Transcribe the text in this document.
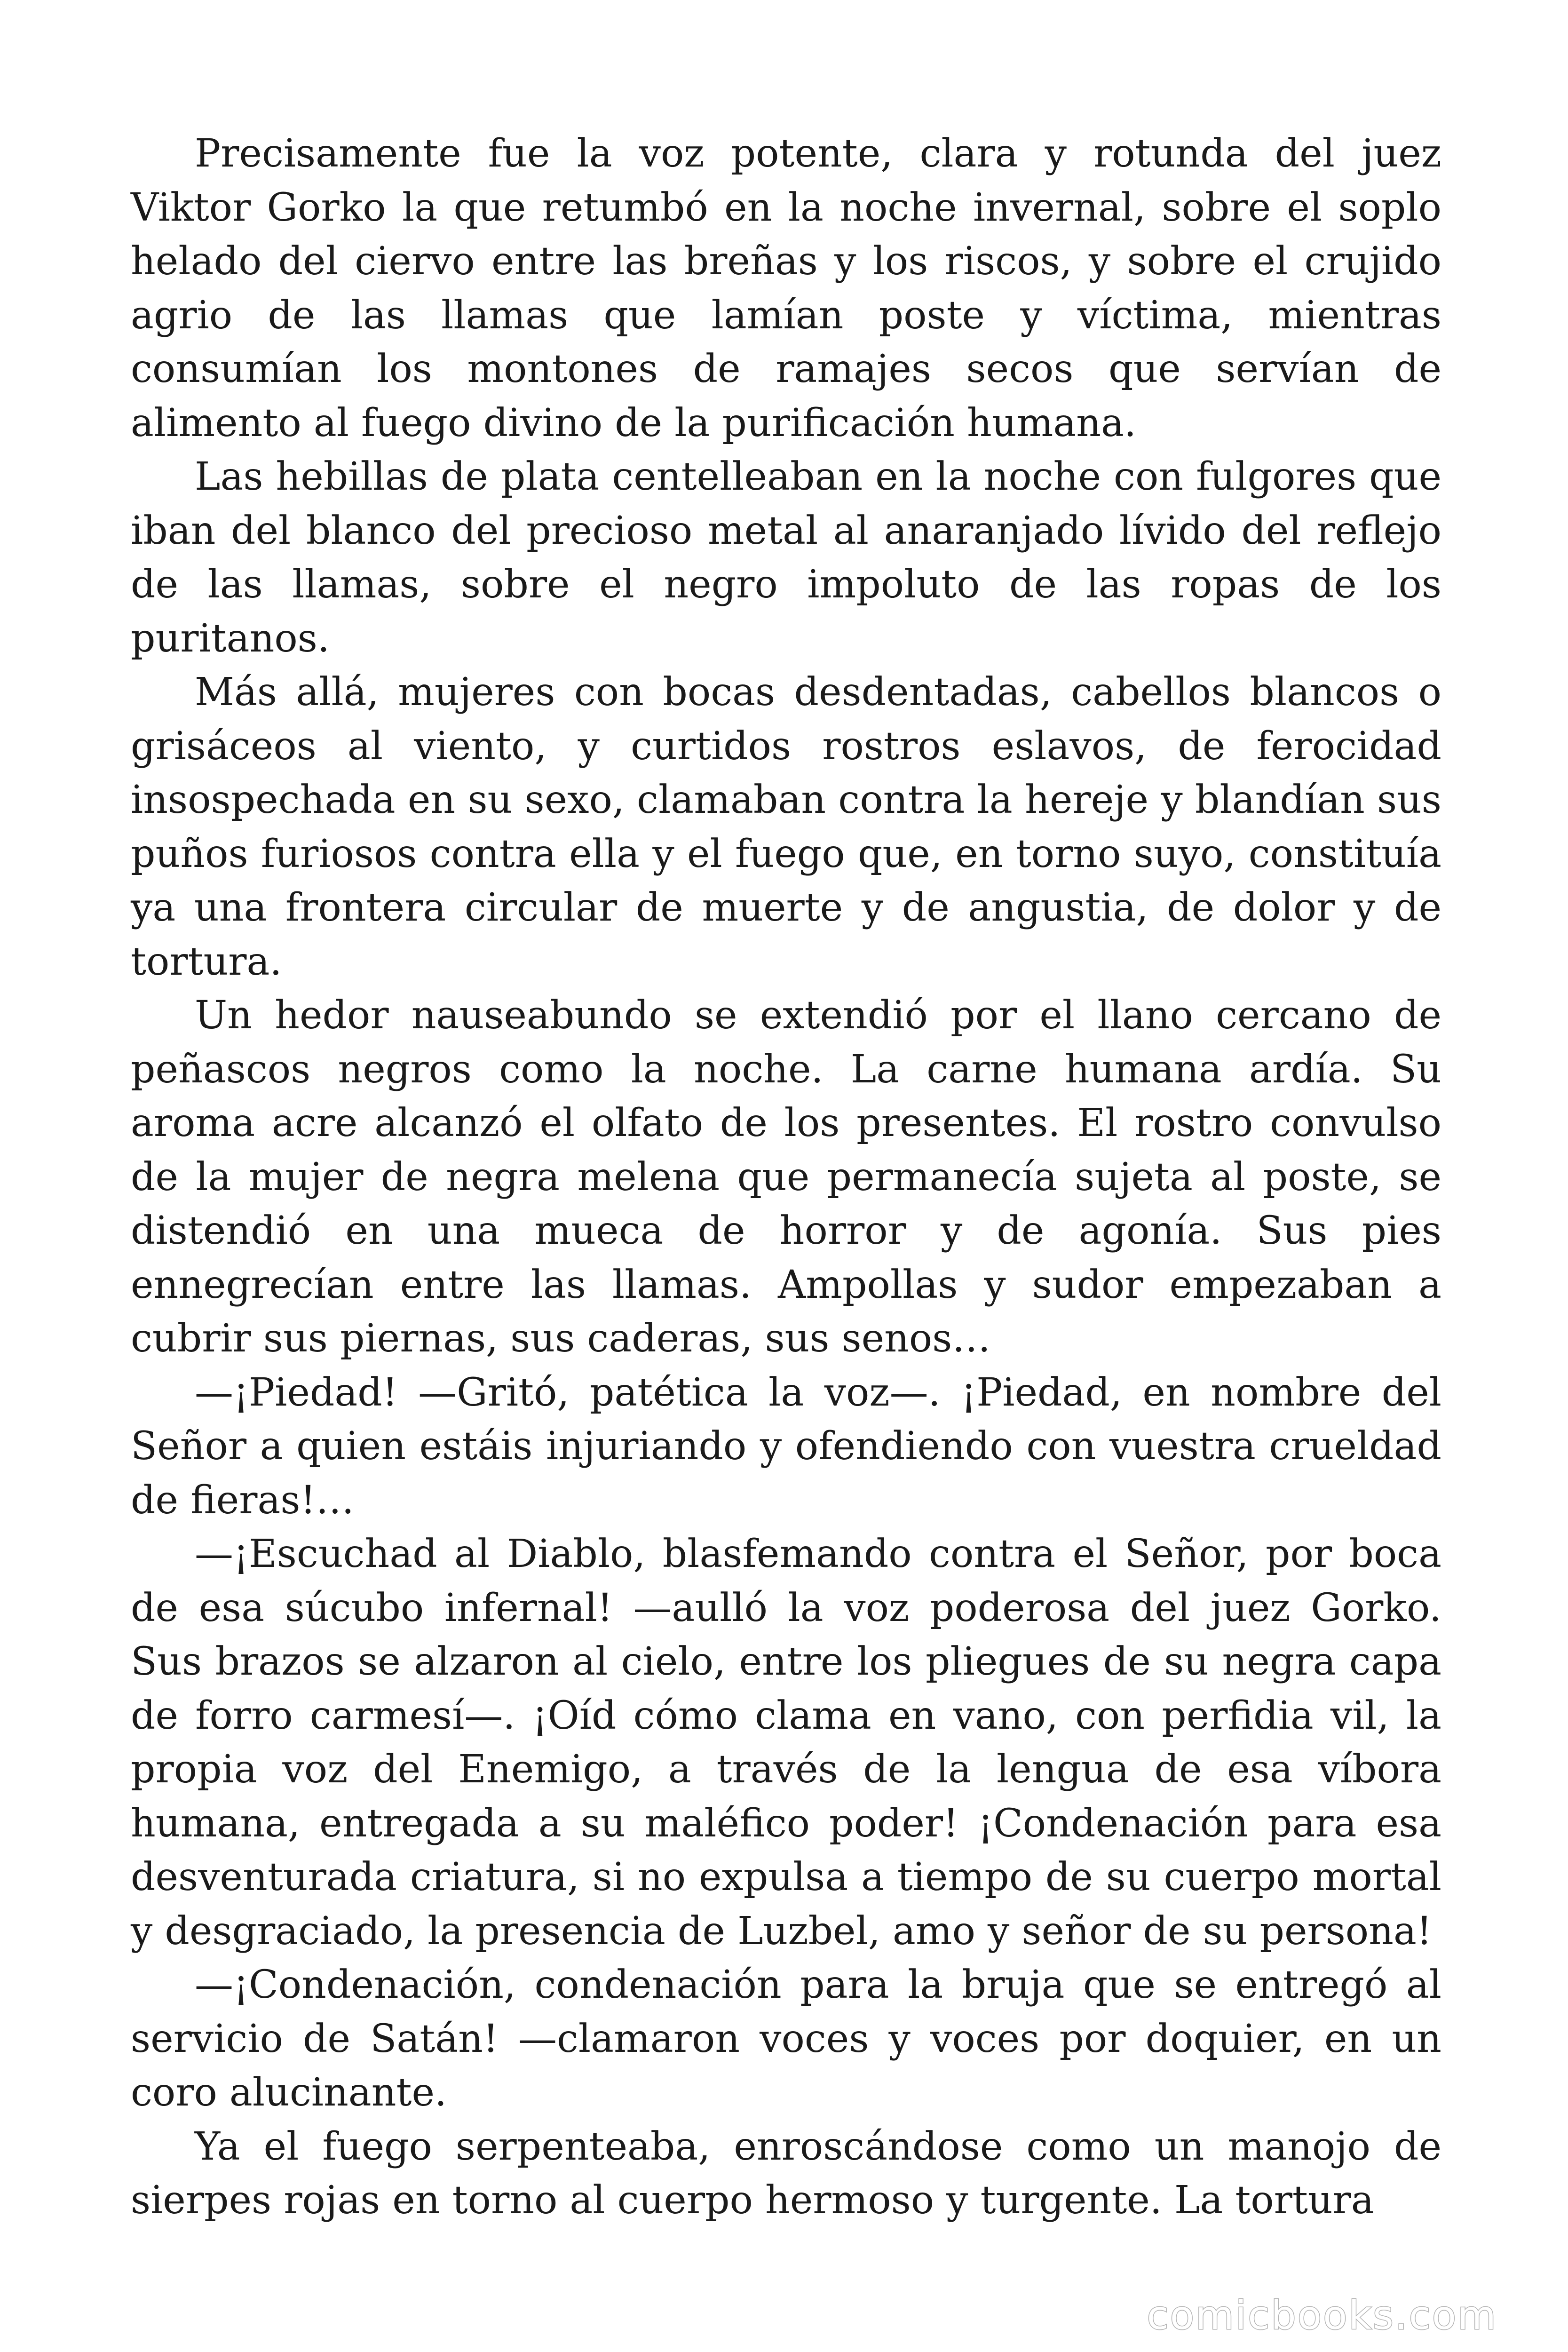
Precisamente fue la voz potente, clara y rotunda del juez Viktor Gorko la que retumbó en la noche invernal, sobre el soplo helado del ciervo entre las breñas y los riscos, y sobre el crujido agrio de las llamas que lamían poste y víctima, mientras consumían los montones de ramajes secos que servían de alimento al fuego divino de la purificación humana.

Las hebillas de plata centelleaban en la noche con fulgores que iban del blanco del precioso metal al anaranjado lívido del reflejo de las llamas, sobre el negro impoluto de las ropas de los puritanos.

Más allá, mujeres con bocas desdentadas, cabellos blancos o grisáceos al viento, y curtidos rostros eslavos, de ferocidad insospechada en su sexo, clamaban contra la hereje y blandían sus puños furiosos contra ella y el fuego que, en torno suyo, constituía ya una frontera circular de muerte y de angustia, de dolor y de tortura.

Un hedor nauseabundo se extendió por el llano cercano de peñascos negros como la noche. La carne humana ardía. Su aroma acre alcanzó el olfato de los presentes. El rostro convulso de la mujer de negra melena que permanecía sujeta al poste, se distendió en una mueca de horror y de agonía. Sus pies ennegrecían entre las llamas. Ampollas y sudor empezaban a cubrir sus piernas, sus caderas, sus senos…

—¡Piedad! —Gritó, patética la voz—. ¡Piedad, en nombre del Señor a quien estáis injuriando y ofendiendo con vuestra crueldad de fieras!…

—¡Escuchad al Diablo, blasfemando contra el Señor, por boca de esa súcubo infernal! —aulló la voz poderosa del juez Gorko. Sus brazos se alzaron al cielo, entre los pliegues de su negra capa de forro carmesí—. ¡Oíd cómo clama en vano, con perfidia vil, la propia voz del Enemigo, a través de la lengua de esa víbora humana, entregada a su maléfico poder! ¡Condenación para esa desventurada criatura, si no expulsa a tiempo de su cuerpo mortal y desgraciado, la presencia de Luzbel, amo y señor de su persona!

—¡Condenación, condenación para la bruja que se entregó al servicio de Satán! —clamaron voces y voces por doquier, en un coro alucinante.

Ya el fuego serpenteaba, enroscándose como un manojo de sierpes rojas en torno al cuerpo hermoso y turgente. La tortura

comicbooks.com
